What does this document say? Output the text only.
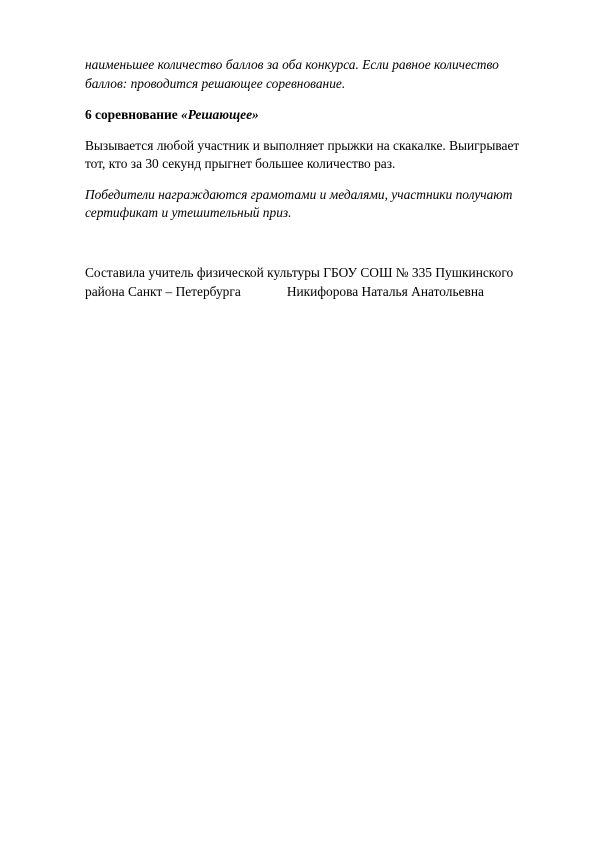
наименьшее количество баллов за оба конкурса. Если равное количество
баллов: проводится решающее соревнование.
6 соревнование «Решающее»
Вызывается любой участник и выполняет прыжки на скакалке. Выигрывает
тот, кто за 30 секунд прыгнет большее количество раз.
Победители награждаются грамотами и медалями, участники получают
сертификат и утешительный приз.
Составила учитель физической культуры ГБОУ СОШ № 335 Пушкинского
района Санкт – Петербурга	Никифорова Наталья Анатольевна
